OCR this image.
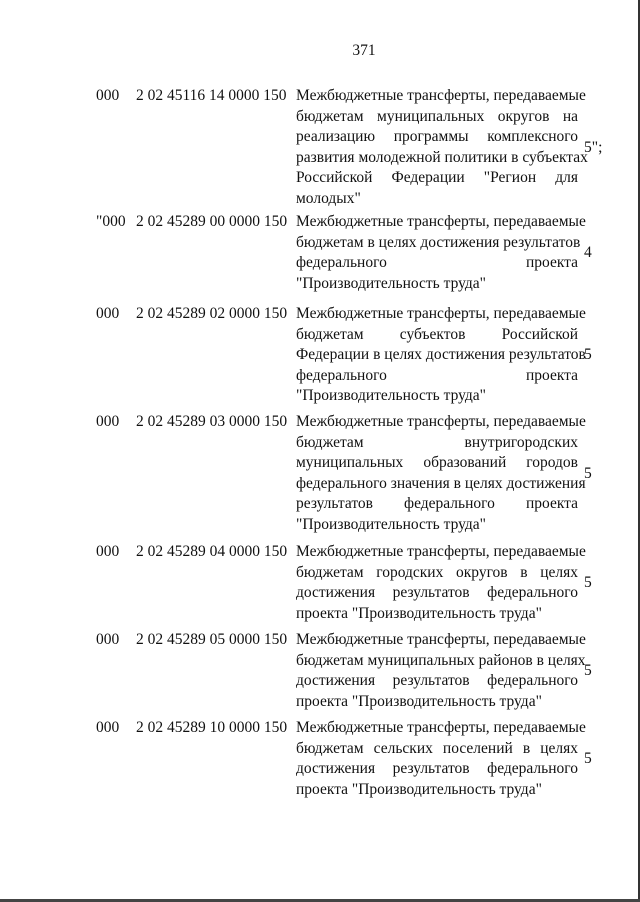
371
000	2 02 45116 14 0000 150 Межбюджетные трансферты, передаваемые
бюджетам муниципальных округов на
реализацию программы комплексного
развития молодежной политики в субъектах
Российской Федерации "Регион для
молодых"
5";
"000 2 02 45289 00 0000 150 Межбюджетные трансферты, передаваемые
бюджетам в целях достижения результатов
федерального проекта
"Производительность труда"
4
000	2 02 45289 02 0000 150 Межбюджетные трансферты, передаваемые
бюджетам субъектов Российской
Федерации в целях достижения результатов
федерального проекта
"Производительность труда"
5
000	2 02 45289 03 0000 150 Межбюджетные трансферты, передаваемые
бюджетам внутригородских
муниципальных образований городов
федерального значения в целях достижения
результатов федерального проекта
"Производительность труда"
5
000	2 02 45289 04 0000 150 Межбюджетные трансферты, передаваемые
бюджетам городских округов в целях
достижения результатов федерального
проекта "Производительность труда"
5
000	2 02 45289 05 0000 150 Межбюджетные трансферты, передаваемые
бюджетам муниципальных районов в целях
достижения результатов федерального
проекта "Производительность труда"
5
000	2 02 45289 10 0000 150 Межбюджетные трансферты, передаваемые
бюджетам сельских поселений в целях
достижения результатов федерального
проекта "Производительность труда"
5
